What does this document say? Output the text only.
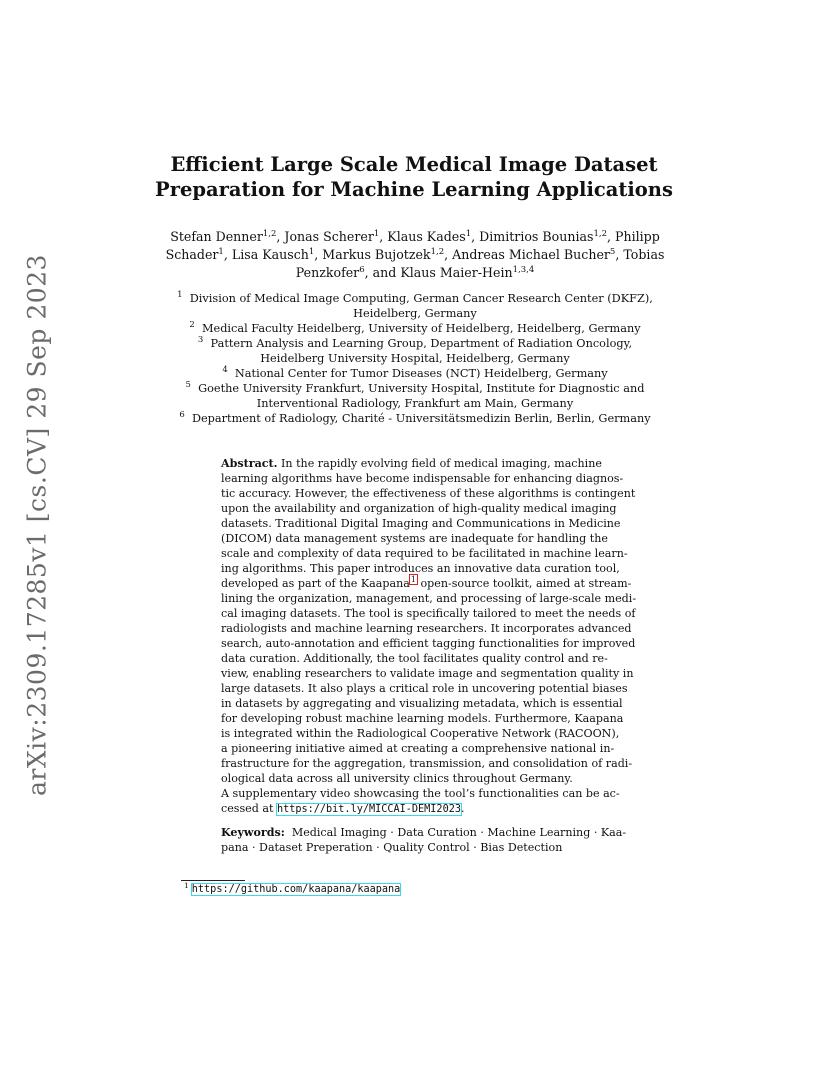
arXiv:2309.17285v1 [cs.CV] 29 Sep 2023
Efficient Large Scale Medical Image Dataset
Preparation for Machine Learning Applications
Stefan Denner$^{1,2}$, Jonas Scherer$^1$, Klaus Kades$^1$, Dimitrios Bounias$^{1,2}$, Philipp
Schader$^1$, Lisa Kausch$^1$, Markus Bujotzek$^{1,2}$, Andreas Michael Bucher$^5$, Tobias
Penzkofer$^6$, and Klaus Maier-Hein$^{1,3,4}$
$^1$ Division of Medical Image Computing, German Cancer Research Center (DKFZ),
Heidelberg, Germany
$^2$ Medical Faculty Heidelberg, University of Heidelberg, Heidelberg, Germany
$^3$ Pattern Analysis and Learning Group, Department of Radiation Oncology,
Heidelberg University Hospital, Heidelberg, Germany
$^4$ National Center for Tumor Diseases (NCT) Heidelberg, Germany
$^5$ Goethe University Frankfurt, University Hospital, Institute for Diagnostic and
Interventional Radiology, Frankfurt am Main, Germany
$^6$ Department of Radiology, Charité - Universitätsmedizin Berlin, Berlin, Germany
Abstract. In the rapidly evolving field of medical imaging, machine
learning algorithms have become indispensable for enhancing diagnos-
tic accuracy. However, the effectiveness of these algorithms is contingent
upon the availability and organization of high-quality medical imaging
datasets. Traditional Digital Imaging and Communications in Medicine
(DICOM) data management systems are inadequate for handling the
scale and complexity of data required to be facilitated in machine learn-
ing algorithms. This paper introduces an innovative data curation tool,
developed as part of the Kaapana$^1$ open-source toolkit, aimed at stream-
lining the organization, management, and processing of large-scale medi-
cal imaging datasets. The tool is specifically tailored to meet the needs of
radiologists and machine learning researchers. It incorporates advanced
search, auto-annotation and efficient tagging functionalities for improved
data curation. Additionally, the tool facilitates quality control and re-
view, enabling researchers to validate image and segmentation quality in
large datasets. It also plays a critical role in uncovering potential biases
in datasets by aggregating and visualizing metadata, which is essential
for developing robust machine learning models. Furthermore, Kaapana
is integrated within the Radiological Cooperative Network (RACOON),
a pioneering initiative aimed at creating a comprehensive national in-
frastructure for the aggregation, transmission, and consolidation of radi-
ological data across all university clinics throughout Germany.
A supplementary video showcasing the tool’s functionalities can be ac-
cessed at https://bit.ly/MICCAI-DEMI2023.
Keywords: Medical Imaging · Data Curation · Machine Learning · Kaa-
pana · Dataset Preperation · Quality Control · Bias Detection
$^1$ https://github.com/kaapana/kaapana
